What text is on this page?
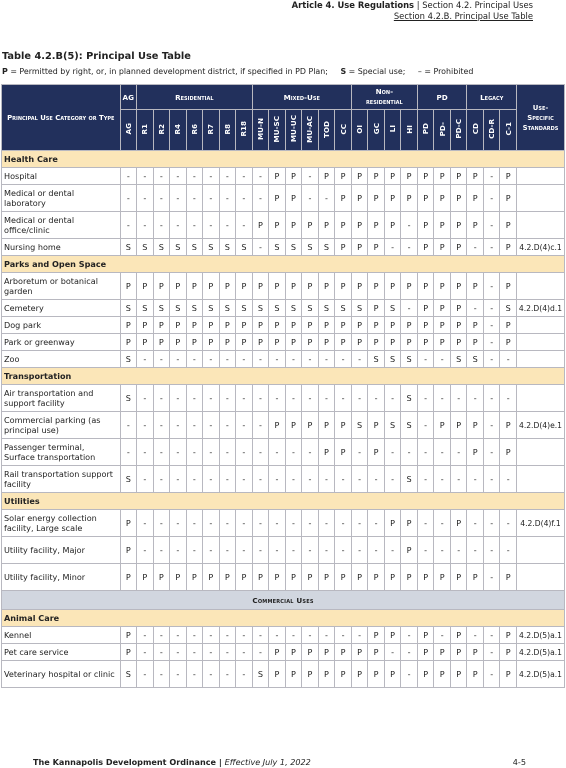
Article 4. Use Regulations | Section 4.2. Principal Uses
Section 4.2.B. Principal Use Table
Table 4.2.B(5): Principal Use Table
P = Permitted by right, or, in planned development district, if specified in PD Plan; S = Special use; – = Prohibited
Principal Use Category or Type	AG	Residential							Mixed-Use						Non-residential				PD			Legacy			Use-Specific Standards
	AG	R1	R2	R4	R6	R7	R8	R18	MU-N	MU-SC	MU-UC	MU-AC	TOD	CC	OI	GC	LI	HI	PD	PD-	PD-C	CD	CD-R	C-1	
Health Care																									
Hospital	-	-	-	-	-	-	-	-	-	P	P	-	P	P	P	P	P	P	P	P	P	P	-	P	
Medical or dental laboratory	-	-	-	-	-	-	-	-	-	P	P	-	-	P	P	P	P	P	P	P	P	P	-	P	
Medical or dental office/clinic	-	-	-	-	-	-	-	-	P	P	P	P	P	P	P	P	P	-	P	P	P	P	-	P	
Nursing home	S	S	S	S	S	S	S	S	-	S	S	S	S	P	P	P	-	-	P	P	P	-	-	P	4.2.D(4)c.1
Parks and Open Space																									
Arboretum or botanical garden	P	P	P	P	P	P	P	P	P	P	P	P	P	P	P	P	P	P	P	P	P	P	-	P	
Cemetery	S	S	S	S	S	S	S	S	S	S	S	S	S	S	S	P	S	-	P	P	P	-	-	S	4.2.D(4)d.1
Dog park	P	P	P	P	P	P	P	P	P	P	P	P	P	P	P	P	P	P	P	P	P	P	-	P	
Park or greenway	P	P	P	P	P	P	P	P	P	P	P	P	P	P	P	P	P	P	P	P	P	P	-	P	
Zoo	S	-	-	-	-	-	-	-	-	-	-	-	-	-	-	S	S	S	-	-	S	S	-	-	
Transportation																									
Air transportation and support facility	S	-	-	-	-	-	-	-	-	-	-	-	-	-	-	-	-	S	-	-	-	-	-	-	
Commercial parking (as principal use)	-	-	-	-	-	-	-	-	-	P	P	P	P	P	S	P	S	S	-	P	P	P	-	P	4.2.D(4)e.1
Passenger terminal, Surface transportation	-	-	-	-	-	-	-	-	-	-	-	-	P	P	-	P	-	-	-	-	-	P	-	P	
Rail transportation support facility	S	-	-	-	-	-	-	-	-	-	-	-	-	-	-	-	-	S	-	-	-	-	-	-	
Utilities																									
Solar energy collection facility, Large scale	P	-	-	-	-	-	-	-	-	-	-	-	-	-	-	-	P	P	-	-	P	-	-	-	4.2.D(4)f.1
Utility facility, Major	P	-	-	-	-	-	-	-	-	-	-	-	-	-	-	-	-	P	-	-	-	-	-	-	
Utility facility, Minor	P	P	P	P	P	P	P	P	P	P	P	P	P	P	P	P	P	P	P	P	P	P	-	P	
Commercial Uses																									
Animal Care																									
Kennel	P	-	-	-	-	-	-	-	-	-	-	-	-	-	-	P	P	-	P	-	P	-	-	P	4.2.D(5)a.1
Pet care service	P	-	-	-	-	-	-	-	-	P	P	P	P	P	P	P	-	-	P	P	P	P	-	P	4.2.D(5)a.1
Veterinary hospital or clinic	S	-	-	-	-	-	-	-	S	P	P	P	P	P	P	P	P	-	P	P	P	P	-	P	4.2.D(5)a.1
The Kannapolis Development Ordinance | Effective July 1, 2022	4-5
